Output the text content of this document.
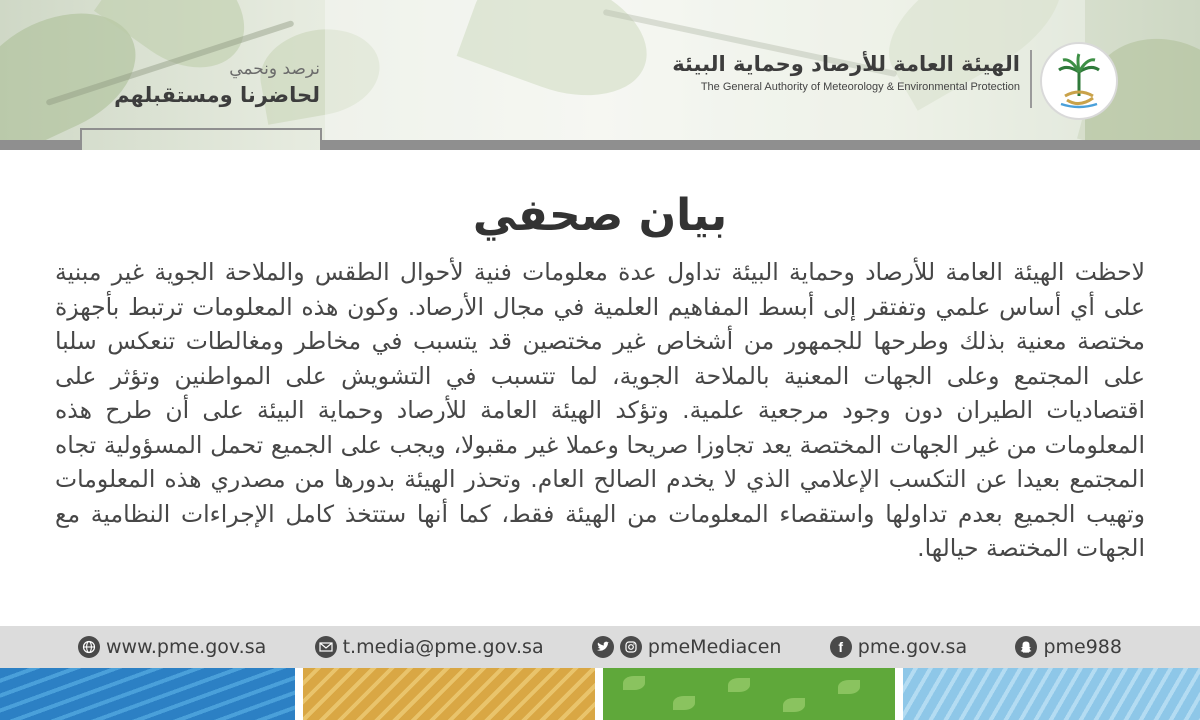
نرصد ونحمي
لحاضرنا ومستقبلهم
الهيئة العامة للأرصاد وحماية البيئة
The General Authority of Meteorology & Environmental Protection
بيان صحفي
لاحظت الهيئة العامة للأرصاد وحماية البيئة تداول عدة معلومات فنية لأحوال الطقس والملاحة الجوية غير مبنية على أي أساس علمي وتفتقر إلى أبسط المفاهيم العلمية في مجال الأرصاد. وكون هذه المعلومات ترتبط بأجهزة مختصة معنية بذلك وطرحها للجمهور من أشخاص غير مختصين قد يتسبب في مخاطر ومغالطات تنعكس سلبا على المجتمع وعلى الجهات المعنية بالملاحة الجوية، لما تتسبب في التشويش على المواطنين وتؤثر على اقتصاديات الطيران دون وجود مرجعية علمية. وتؤكد الهيئة العامة للأرصاد وحماية البيئة على أن طرح هذه المعلومات من غير الجهات المختصة يعد تجاوزا صريحا وعملا غير مقبولا، ويجب على الجميع تحمل المسؤولية تجاه المجتمع بعيدا عن التكسب الإعلامي الذي لا يخدم الصالح العام. وتحذر الهيئة بدورها من مصدري هذه المعلومات وتهيب الجميع بعدم تداولها واستقصاء المعلومات من الهيئة فقط، كما أنها ستتخذ كامل الإجراءات النظامية مع الجهات المختصة حيالها.
www.pme.gov.sa	t.media@pme.gov.sa	pmeMediacen	f pme.gov.sa	pme988
